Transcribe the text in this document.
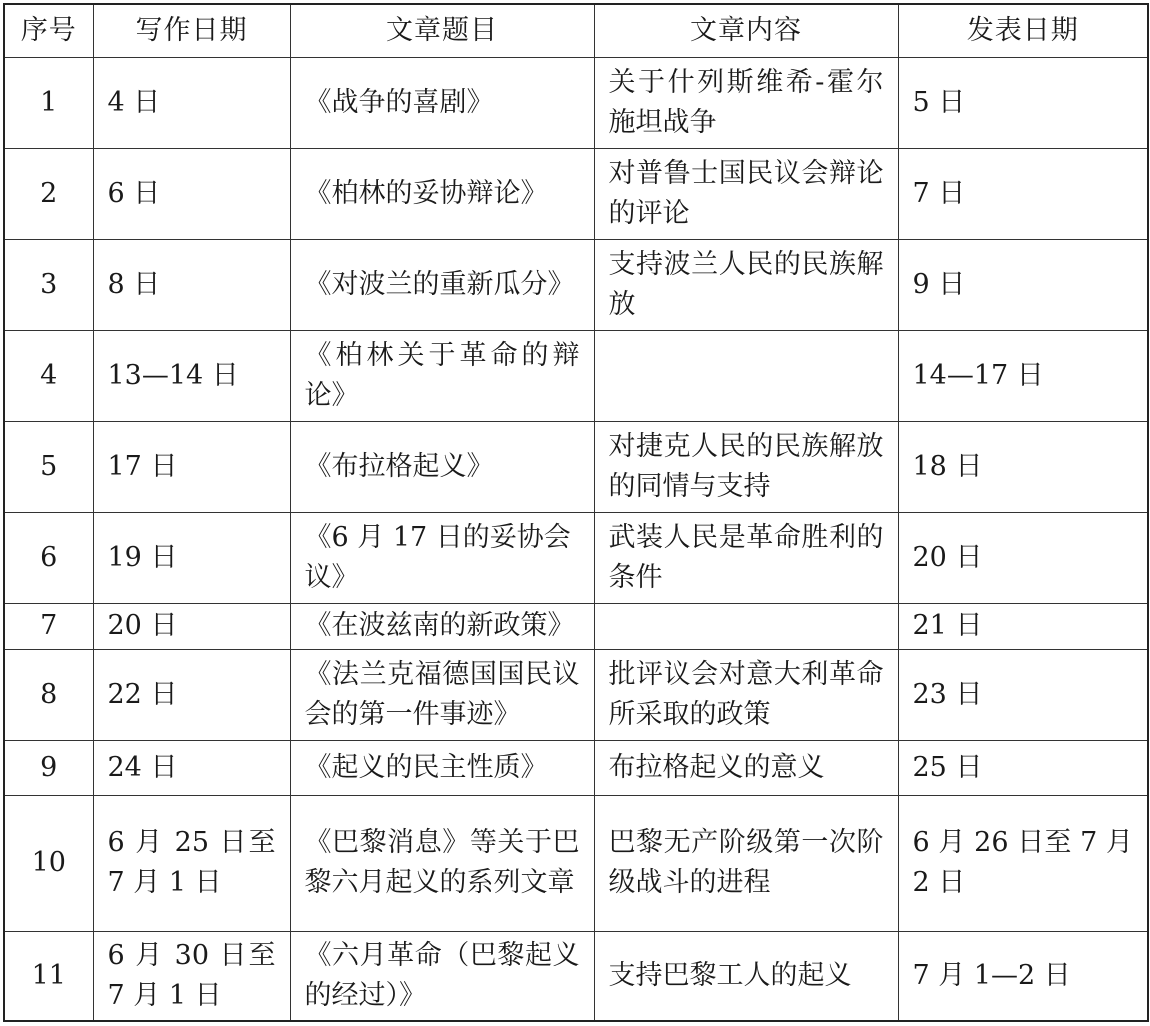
序号	写作日期	文章题目	文章内容	发表日期
1	4 日	《战争的喜剧》	关于什列斯维希-霍尔施坦战争	5 日
2	6 日	《柏林的妥协辩论》	对普鲁士国民议会辩论的评论	7 日
3	8 日	《对波兰的重新瓜分》	支持波兰人民的民族解放	9 日
4	13—14 日	《柏林关于革命的辩论》		14—17 日
5	17 日	《布拉格起义》	对捷克人民的民族解放的同情与支持	18 日
6	19 日	《6 月 17 日的妥协会议》	武装人民是革命胜利的条件	20 日
7	20 日	《在波兹南的新政策》		21 日
8	22 日	《法兰克福德国国民议会的第一件事迹》	批评议会对意大利革命所采取的政策	23 日
9	24 日	《起义的民主性质》	布拉格起义的意义	25 日
10	6 月 25 日至 7 月 1 日	《巴黎消息》等关于巴黎六月起义的系列文章	巴黎无产阶级第一次阶级战斗的进程	6 月 26 日至 7 月 2 日
11	6 月 30 日至 7 月 1 日	《六月革命（巴黎起义的经过）》	支持巴黎工人的起义	7 月 1—2 日
